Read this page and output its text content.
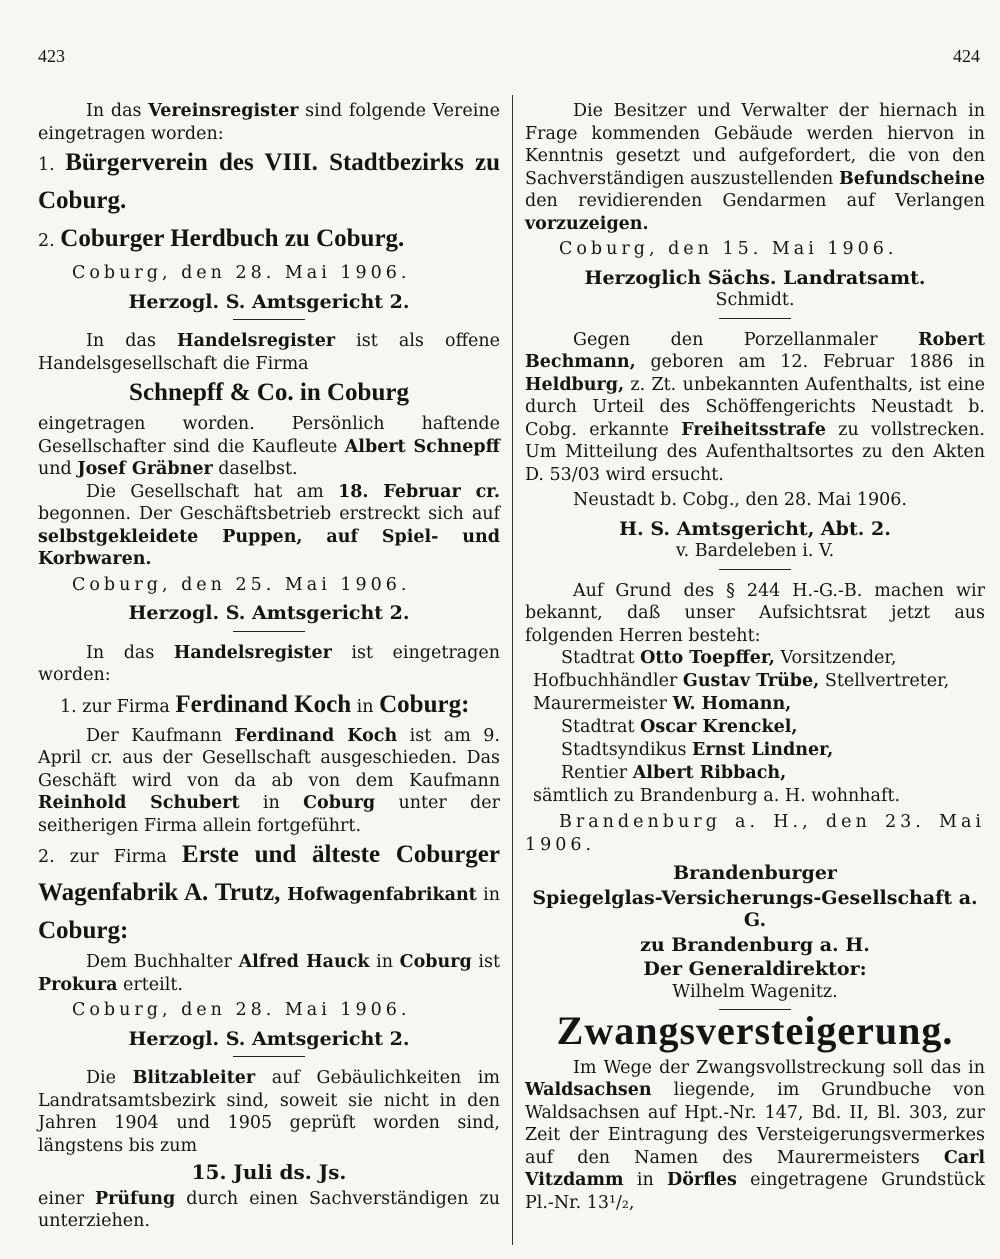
423	424

In das Vereinsregister sind folgende Vereine eingetragen worden:

1. Bürgerverein des VIII. Stadtbezirks zu Coburg.

2. Coburger Herdbuch zu Coburg.

Coburg, den 28. Mai 1906.

Herzogl. S. Amtsgericht 2.

In das Handelsregister ist als offene Handelsgesellschaft die Firma

Schnepff & Co. in Coburg

eingetragen worden. Persönlich haftende Gesellschafter sind die Kaufleute Albert Schnepff und Josef Gräbner daselbst.

Die Gesellschaft hat am 18. Februar cr. begonnen. Der Geschäftsbetrieb erstreckt sich auf selbstgekleidete Puppen, auf Spiel- und Korbwaren.

Coburg, den 25. Mai 1906.

Herzogl. S. Amtsgericht 2.

In das Handelsregister ist eingetragen worden:

1. zur Firma Ferdinand Koch in Coburg:

Der Kaufmann Ferdinand Koch ist am 9. April cr. aus der Gesellschaft ausgeschieden. Das Geschäft wird von da ab von dem Kaufmann Reinhold Schubert in Coburg unter der seitherigen Firma allein fortgeführt.

2. zur Firma Erste und älteste Coburger Wagenfabrik A. Trutz, Hofwagenfabrikant in Coburg:

Dem Buchhalter Alfred Hauck in Coburg ist Prokura erteilt.

Coburg, den 28. Mai 1906.

Herzogl. S. Amtsgericht 2.

Die Blitzableiter auf Gebäulichkeiten im Landratsamtsbezirk sind, soweit sie nicht in den Jahren 1904 und 1905 geprüft worden sind, längstens bis zum

15. Juli ds. Js.

einer Prüfung durch einen Sachverständigen zu unterziehen.

Die Besitzer und Verwalter der hiernach in Frage kommenden Gebäude werden hiervon in Kenntnis gesetzt und aufgefordert, die von den Sachverständigen auszustellenden Befundscheine den revidierenden Gendarmen auf Verlangen vorzuzeigen.

Coburg, den 15. Mai 1906.

Herzoglich Sächs. Landratsamt.

Schmidt.

Gegen den Porzellanmaler Robert Bechmann, geboren am 12. Februar 1886 in Heldburg, z. Zt. unbekannten Aufenthalts, ist eine durch Urteil des Schöffengerichts Neustadt b. Cobg. erkannte Freiheitsstrafe zu vollstrecken. Um Mitteilung des Aufenthaltsortes zu den Akten D. 53/03 wird ersucht.

Neustadt b. Cobg., den 28. Mai 1906.

H. S. Amtsgericht, Abt. 2.

v. Bardeleben i. V.

Auf Grund des § 244 H.-G.-B. machen wir bekannt, daß unser Aufsichtsrat jetzt aus folgenden Herren besteht:

Stadtrat Otto Toepffer, Vorsitzender,

Hofbuchhändler Gustav Trübe, Stellvertreter,

Maurermeister W. Homann,

Stadtrat Oscar Krenckel,

Stadtsyndikus Ernst Lindner,

Rentier Albert Ribbach,

sämtlich zu Brandenburg a. H. wohnhaft.

Brandenburg a. H., den 23. Mai 1906.

Brandenburger

Spiegelglas-Versicherungs-Gesellschaft a. G.

zu Brandenburg a. H.

Der Generaldirektor:

Wilhelm Wagenitz.

Zwangsversteigerung.

Im Wege der Zwangsvollstreckung soll das in Waldsachsen liegende, im Grundbuche von Waldsachsen auf Hpt.-Nr. 147, Bd. II, Bl. 303, zur Zeit der Eintragung des Versteigerungsvermerkes auf den Namen des Maurermeisters Carl Vitzdamm in Dörfles eingetragene Grundstück Pl.-Nr. 13¹/₂,
